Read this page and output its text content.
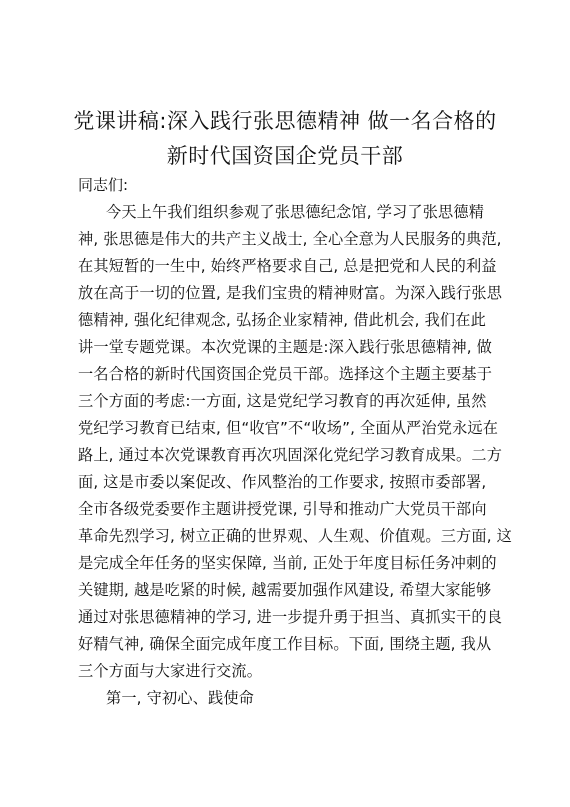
党课讲稿:深入践行张思德精神 做一名合格的
新时代国资国企党员干部
同志们:
今天上午我们组织参观了张思德纪念馆, 学习了张思德精
神, 张思德是伟大的共产主义战士, 全心全意为人民服务的典范,
在其短暂的一生中, 始终严格要求自己, 总是把党和人民的利益
放在高于一切的位置, 是我们宝贵的精神财富。为深入践行张思
德精神, 强化纪律观念, 弘扬企业家精神, 借此机会, 我们在此
讲一堂专题党课。本次党课的主题是:深入践行张思德精神, 做
一名合格的新时代国资国企党员干部。选择这个主题主要基于
三个方面的考虑:一方面, 这是党纪学习教育的再次延伸, 虽然
党纪学习教育已结束, 但“收官”不“收场”, 全面从严治党永远在
路上, 通过本次党课教育再次巩固深化党纪学习教育成果。二方
面, 这是市委以案促改、作风整治的工作要求, 按照市委部署,
全市各级党委要作主题讲授党课, 引导和推动广大党员干部向
革命先烈学习, 树立正确的世界观、人生观、价值观。三方面, 这
是完成全年任务的坚实保障, 当前, 正处于年度目标任务冲刺的
关键期, 越是吃紧的时候, 越需要加强作风建设, 希望大家能够
通过对张思德精神的学习, 进一步提升勇于担当、真抓实干的良
好精气神, 确保全面完成年度工作目标。下面, 围绕主题, 我从
三个方面与大家进行交流。
第一, 守初心、践使命
